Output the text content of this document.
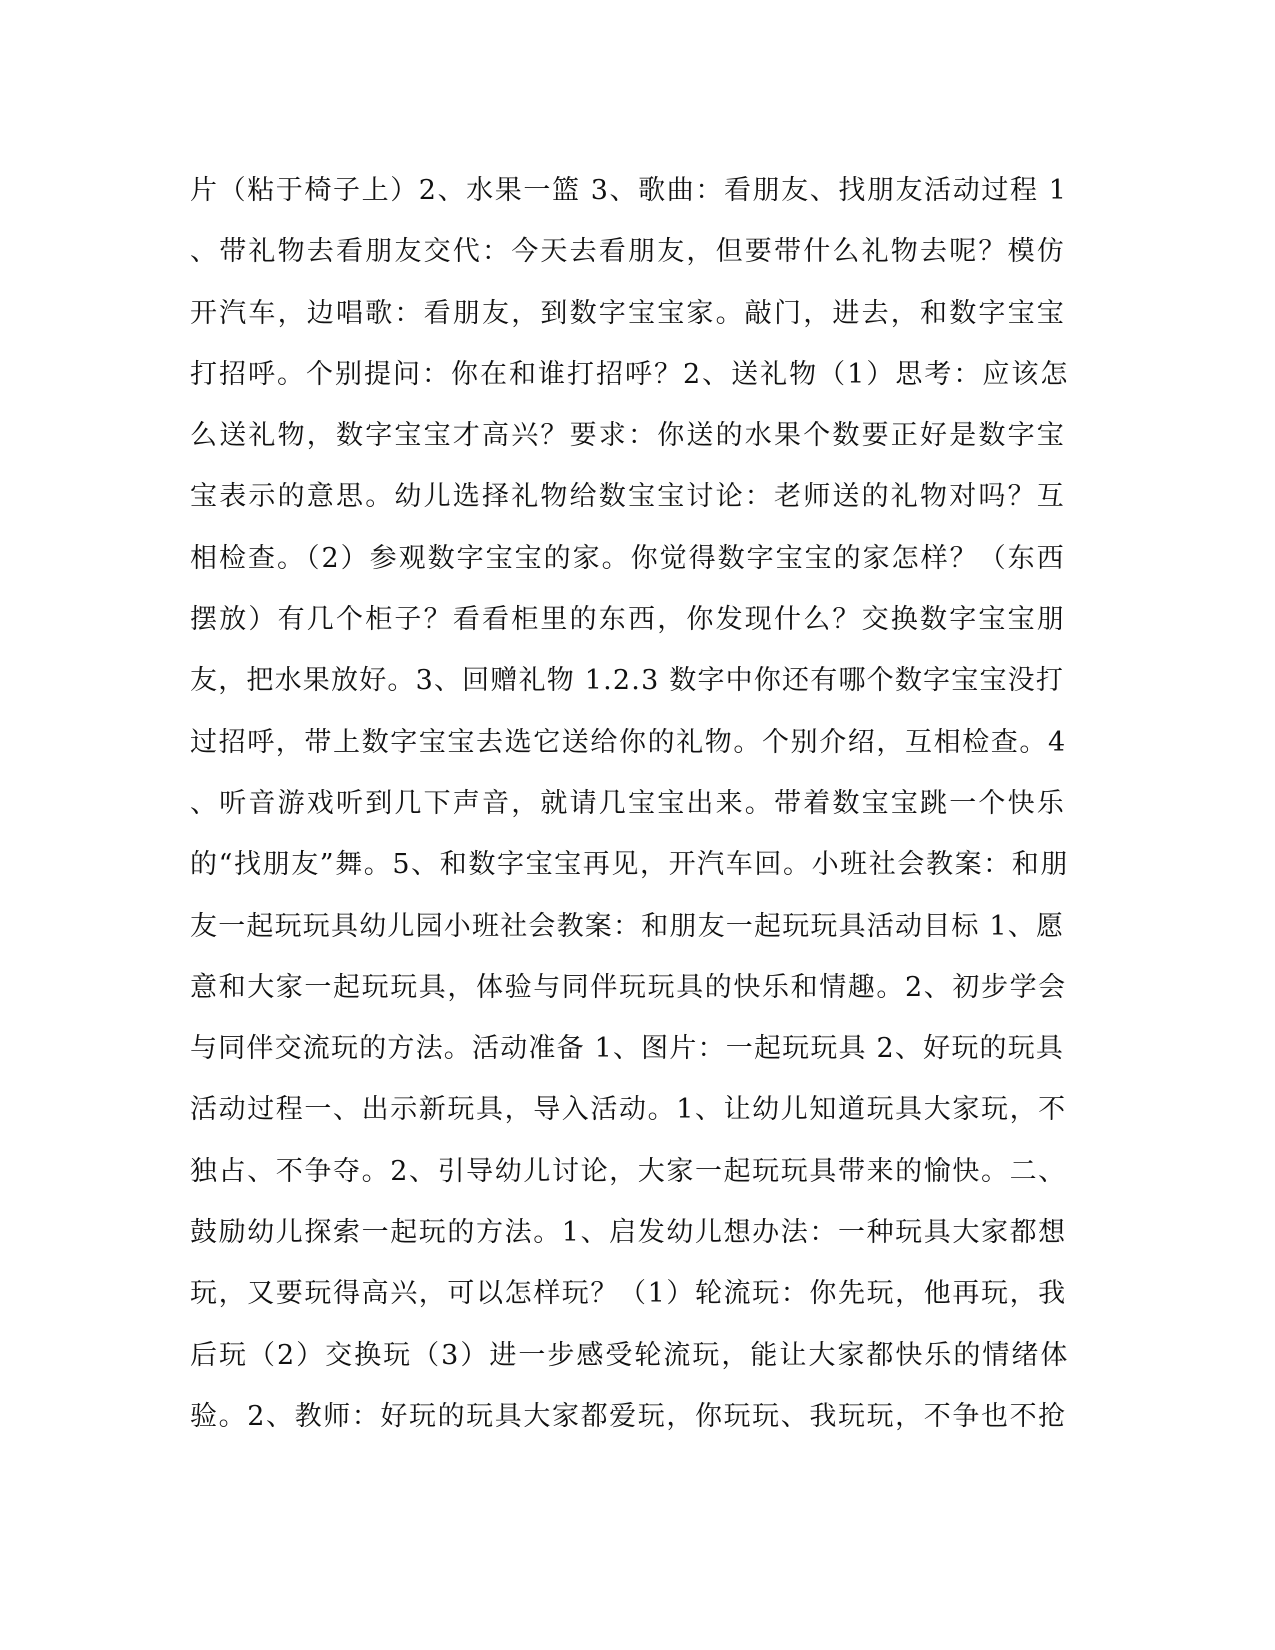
片（粘于椅子上）2、水果一篮 3、歌曲：看朋友、找朋友活动过程 1
、带礼物去看朋友交代：今天去看朋友，但要带什么礼物去呢？模仿
开汽车，边唱歌：看朋友，到数字宝宝家。敲门，进去，和数字宝宝
打招呼。个别提问：你在和谁打招呼？2、送礼物（1）思考：应该怎
么送礼物，数字宝宝才高兴？要求：你送的水果个数要正好是数字宝
宝表示的意思。幼儿选择礼物给数宝宝讨论：老师送的礼物对吗？互
相检查。（2）参观数字宝宝的家。你觉得数字宝宝的家怎样？（东西
摆放）有几个柜子？看看柜里的东西，你发现什么？交换数字宝宝朋
友，把水果放好。3、回赠礼物 1.2.3 数字中你还有哪个数字宝宝没打
过招呼，带上数字宝宝去选它送给你的礼物。个别介绍，互相检查。4
、听音游戏听到几下声音，就请几宝宝出来。带着数宝宝跳一个快乐
的“找朋友”舞。5、和数字宝宝再见，开汽车回。小班社会教案：和朋
友一起玩玩具幼儿园小班社会教案：和朋友一起玩玩具活动目标 1、愿
意和大家一起玩玩具，体验与同伴玩玩具的快乐和情趣。2、初步学会
与同伴交流玩的方法。活动准备 1、图片：一起玩玩具 2、好玩的玩具
活动过程一、出示新玩具，导入活动。1、让幼儿知道玩具大家玩，不
独占、不争夺。2、引导幼儿讨论，大家一起玩玩具带来的愉快。二、
鼓励幼儿探索一起玩的方法。1、启发幼儿想办法：一种玩具大家都想
玩，又要玩得高兴，可以怎样玩？（1）轮流玩：你先玩，他再玩，我
后玩（2）交换玩（3）进一步感受轮流玩，能让大家都快乐的情绪体
验。2、教师：好玩的玩具大家都爱玩，你玩玩、我玩玩，不争也不抢
